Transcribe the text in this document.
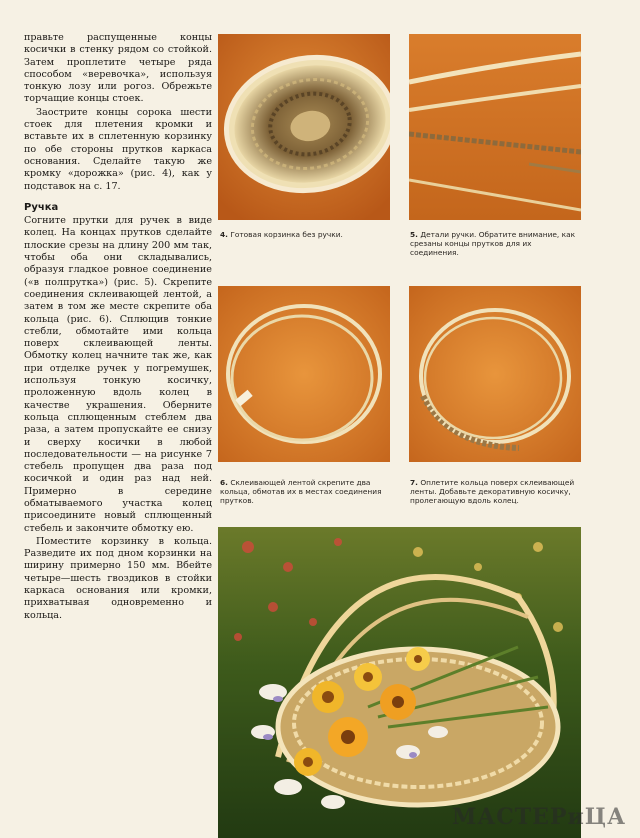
правьте распущенные концы косички в стенку рядом со стойкой. Затем проплетите четыре ряда способом «веревочка», используя тонкую лозу или рогоз. Обрежьте торчащие концы стоек.

Заострите концы сорока шести стоек для плетения кромки и вставьте их в сплетенную корзинку по обе стороны прутков каркаса основания. Сделайте такую же кромку «дорожка» (рис. 4), как у подставок на с. 17.

Ручка

Согните прутки для ручек в виде колец. На концах прутков сделайте плоские срезы на длину 200 мм так, чтобы оба они складывались, образуя гладкое ровное соединение («в полпрутка») (рис. 5). Скрепите соединения склеивающей лентой, а затем в том же месте скрепите оба кольца (рис. 6). Сплющив тонкие стебли, обмотайте ими кольца поверх склеивающей ленты. Обмотку колец начните так же, как при отделке ручек у погремушек, используя тонкую косичку, проложенную вдоль колец в качестве украшения. Оберните кольца сплющенным стеблем два раза, а затем пропускайте ее снизу и сверху косички в любой последовательности — на рисунке 7 стебель пропущен два раза под косичкой и один раз над ней. Примерно в середине обматываемого участка колец присоедините новый сплющенный стебель и закончите обмотку ею.

Поместите корзинку в кольца. Разведите их под дном корзинки на ширину примерно 150 мм. Вбейте четыре—шесть гвоздиков в стойки каркаса основания или кромки, прихватывая одновременно и кольца.

4. Готовая корзинка без ручки.	5. Детали ручки. Обратите внимание, как срезаны концы прутков для их соединения.
6. Склеивающей лентой скрепите два кольца, обмотав их в местах соединения прутков.
7. Оплетите кольца поверх склеивающей ленты. Добавьте декоративную косичку, пролегающую вдоль колец.
МАСТЕРиЦА
